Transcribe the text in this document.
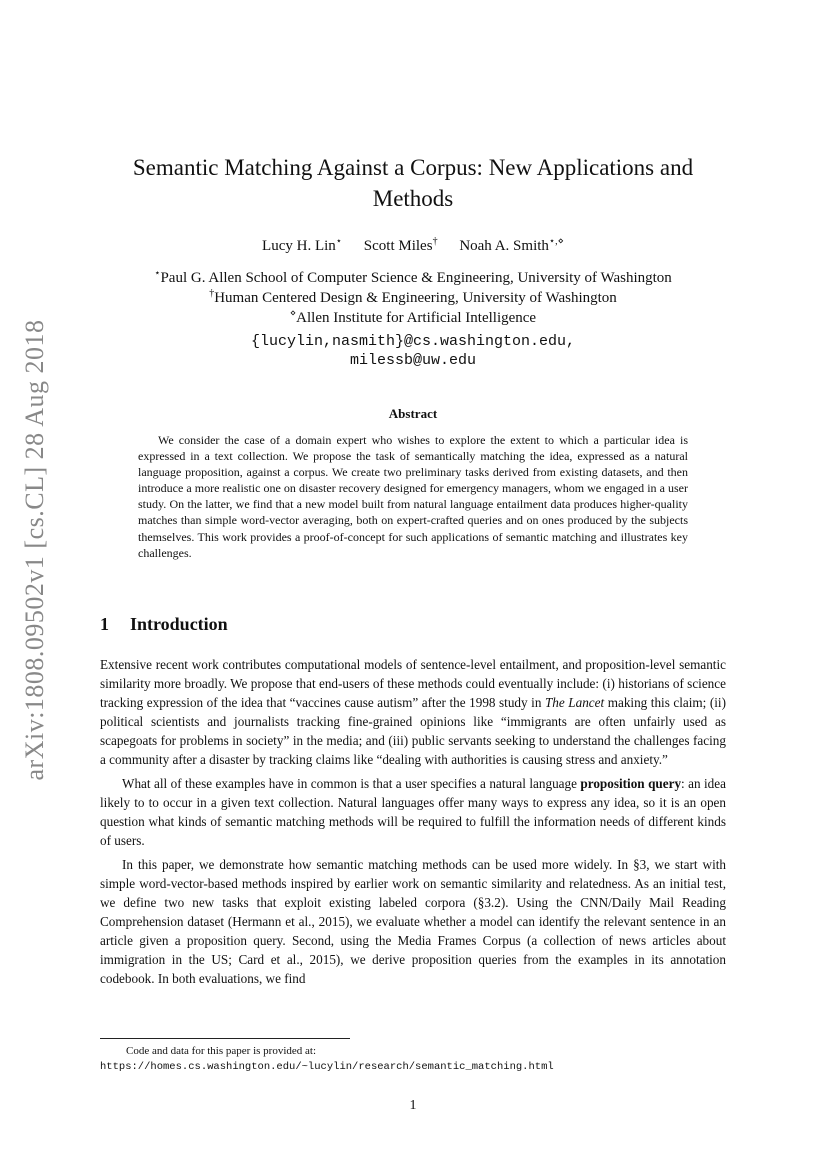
arXiv:1808.09502v1 [cs.CL] 28 Aug 2018
Semantic Matching Against a Corpus: New Applications and
Methods
Lucy H. Lin⋆ Scott Miles† Noah A. Smith⋆,⋄
⋆Paul G. Allen School of Computer Science & Engineering, University of Washington
†Human Centered Design & Engineering, University of Washington
⋄Allen Institute for Artificial Intelligence
{lucylin,nasmith}@cs.washington.edu,
milessb@uw.edu
Abstract
We consider the case of a domain expert who wishes to explore the extent to which a particular idea is expressed in a text collection. We propose the task of semantically matching the idea, expressed as a natural language proposition, against a corpus. We create two preliminary tasks derived from existing datasets, and then introduce a more realistic one on disaster recovery designed for emergency managers, whom we engaged in a user study. On the latter, we find that a new model built from natural language entailment data produces higher-quality matches than simple word-vector averaging, both on expert-crafted queries and on ones produced by the subjects themselves. This work provides a proof-of-concept for such applications of semantic matching and illustrates key challenges.
1 Introduction

Extensive recent work contributes computational models of sentence-level entailment, and proposition-level semantic similarity more broadly. We propose that end-users of these methods could eventually include: (i) historians of science tracking expression of the idea that “vaccines cause autism” after the 1998 study in The Lancet making this claim; (ii) political scientists and journalists tracking fine-grained opinions like “immigrants are often unfairly used as scapegoats for problems in society” in the media; and (iii) public servants seeking to understand the challenges facing a community after a disaster by tracking claims like “dealing with authorities is causing stress and anxiety.”

What all of these examples have in common is that a user specifies a natural language proposition query: an idea likely to to occur in a given text collection. Natural languages offer many ways to express any idea, so it is an open question what kinds of semantic matching methods will be required to fulfill the information needs of different kinds of users.

In this paper, we demonstrate how semantic matching methods can be used more widely. In §3, we start with simple word-vector-based methods inspired by earlier work on semantic similarity and relatedness. As an initial test, we define two new tasks that exploit existing labeled corpora (§3.2). Using the CNN/Daily Mail Reading Comprehension dataset (Hermann et al., 2015), we evaluate whether a model can identify the relevant sentence in an article given a proposition query. Second, using the Media Frames Corpus (a collection of news articles about immigration in the US; Card et al., 2015), we derive proposition queries from the examples in its annotation codebook. In both evaluations, we find

Code and data for this paper is provided at:
https://homes.cs.washington.edu/~lucylin/research/semantic_matching.html
1
